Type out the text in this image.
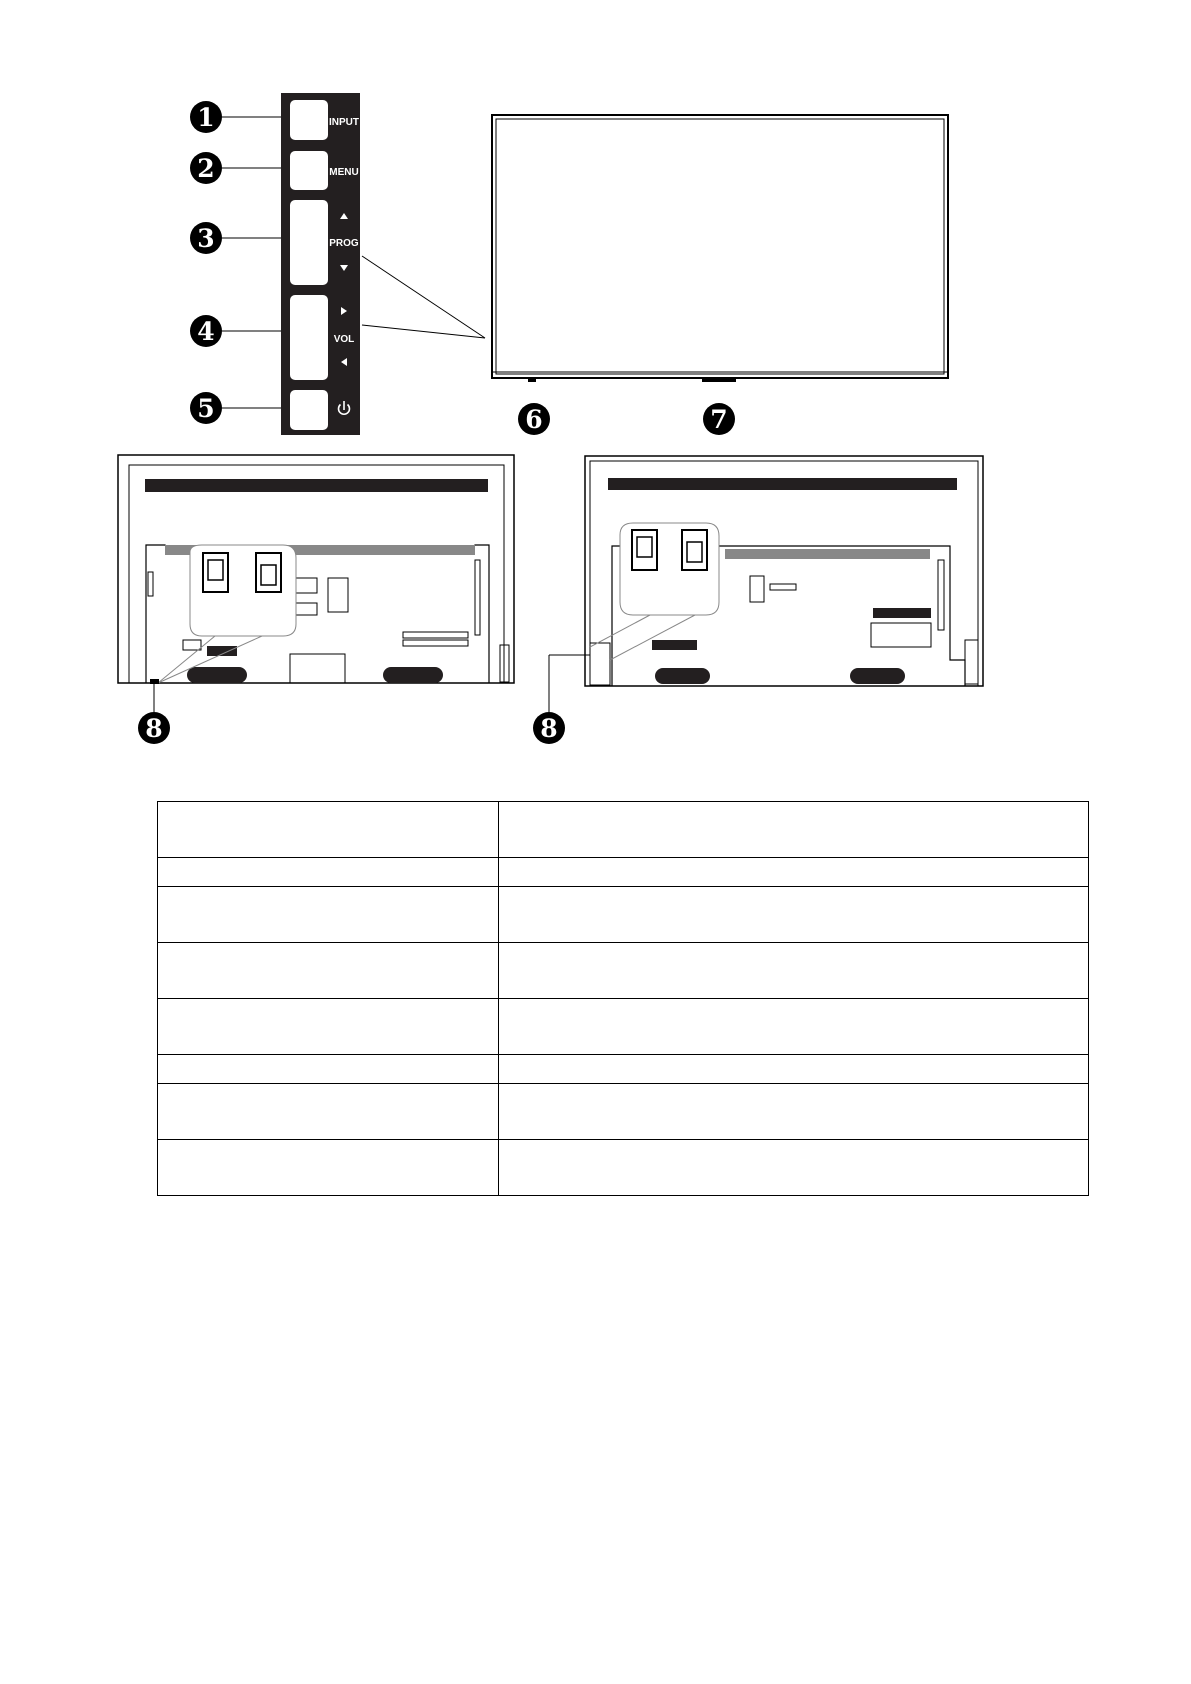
INPUT
MENU
PROG
VOL
1
2
3
4
5	6	7
8	8
